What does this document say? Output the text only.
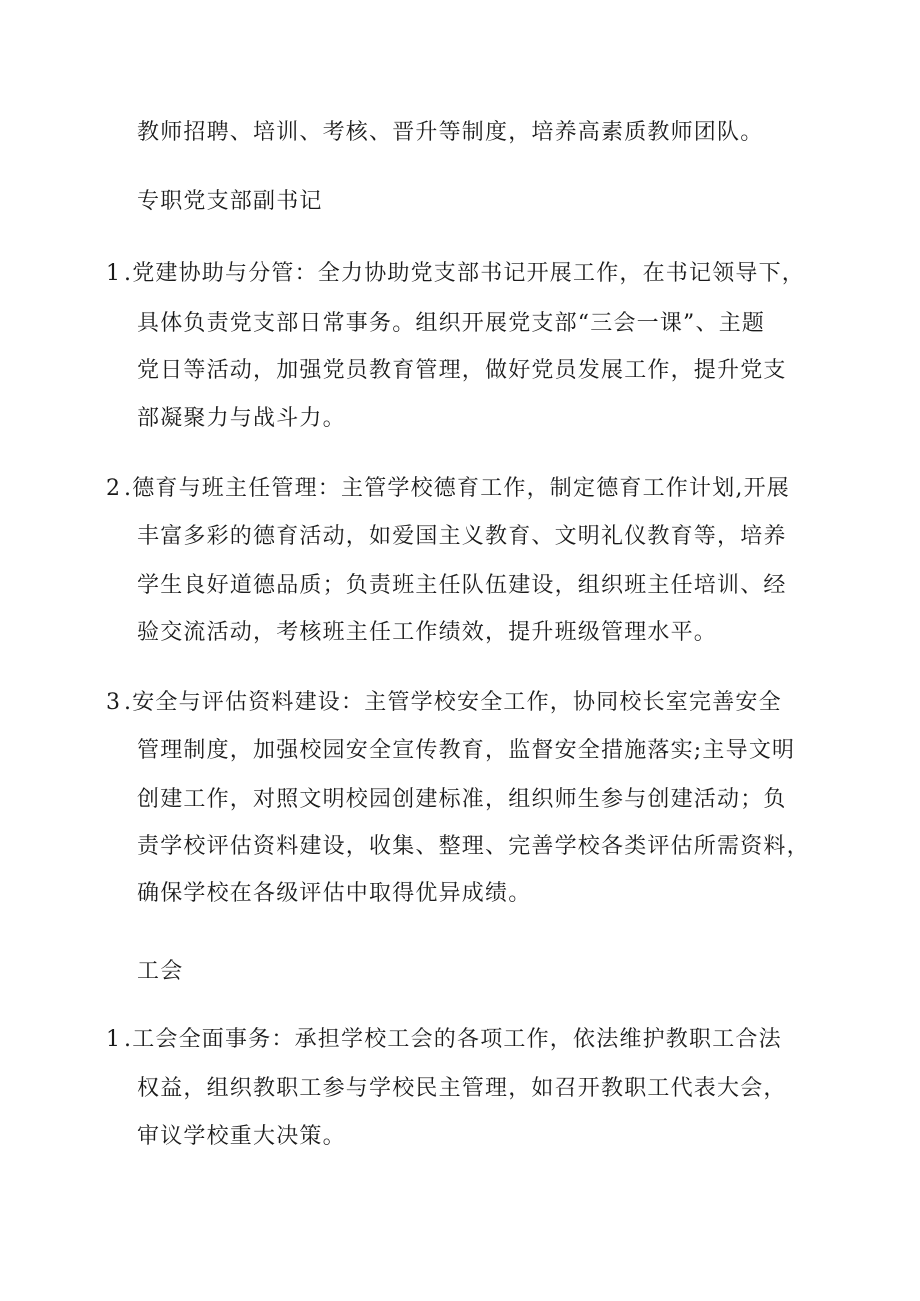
教师招聘、培训、考核、晋升等制度，培养高素质教师团队。
专职党支部副书记
1 .党建协助与分管：全力协助党支部书记开展工作，在书记领导下，
具体负责党支部日常事务。组织开展党支部“三会一课”、主题
党日等活动，加强党员教育管理，做好党员发展工作，提升党支
部凝聚力与战斗力。
2 .德育与班主任管理：主管学校德育工作，制定德育工作计划,开展
丰富多彩的德育活动，如爱国主义教育、文明礼仪教育等，培养
学生良好道德品质；负责班主任队伍建设，组织班主任培训、经
验交流活动，考核班主任工作绩效，提升班级管理水平。
3 .安全与评估资料建设：主管学校安全工作，协同校长室完善安全
管理制度，加强校园安全宣传教育，监督安全措施落实;主导文明
创建工作，对照文明校园创建标准，组织师生参与创建活动；负
责学校评估资料建设，收集、整理、完善学校各类评估所需资料，
确保学校在各级评估中取得优异成绩。
工会
1 .工会全面事务：承担学校工会的各项工作，依法维护教职工合法
权益，组织教职工参与学校民主管理，如召开教职工代表大会，
审议学校重大决策。
